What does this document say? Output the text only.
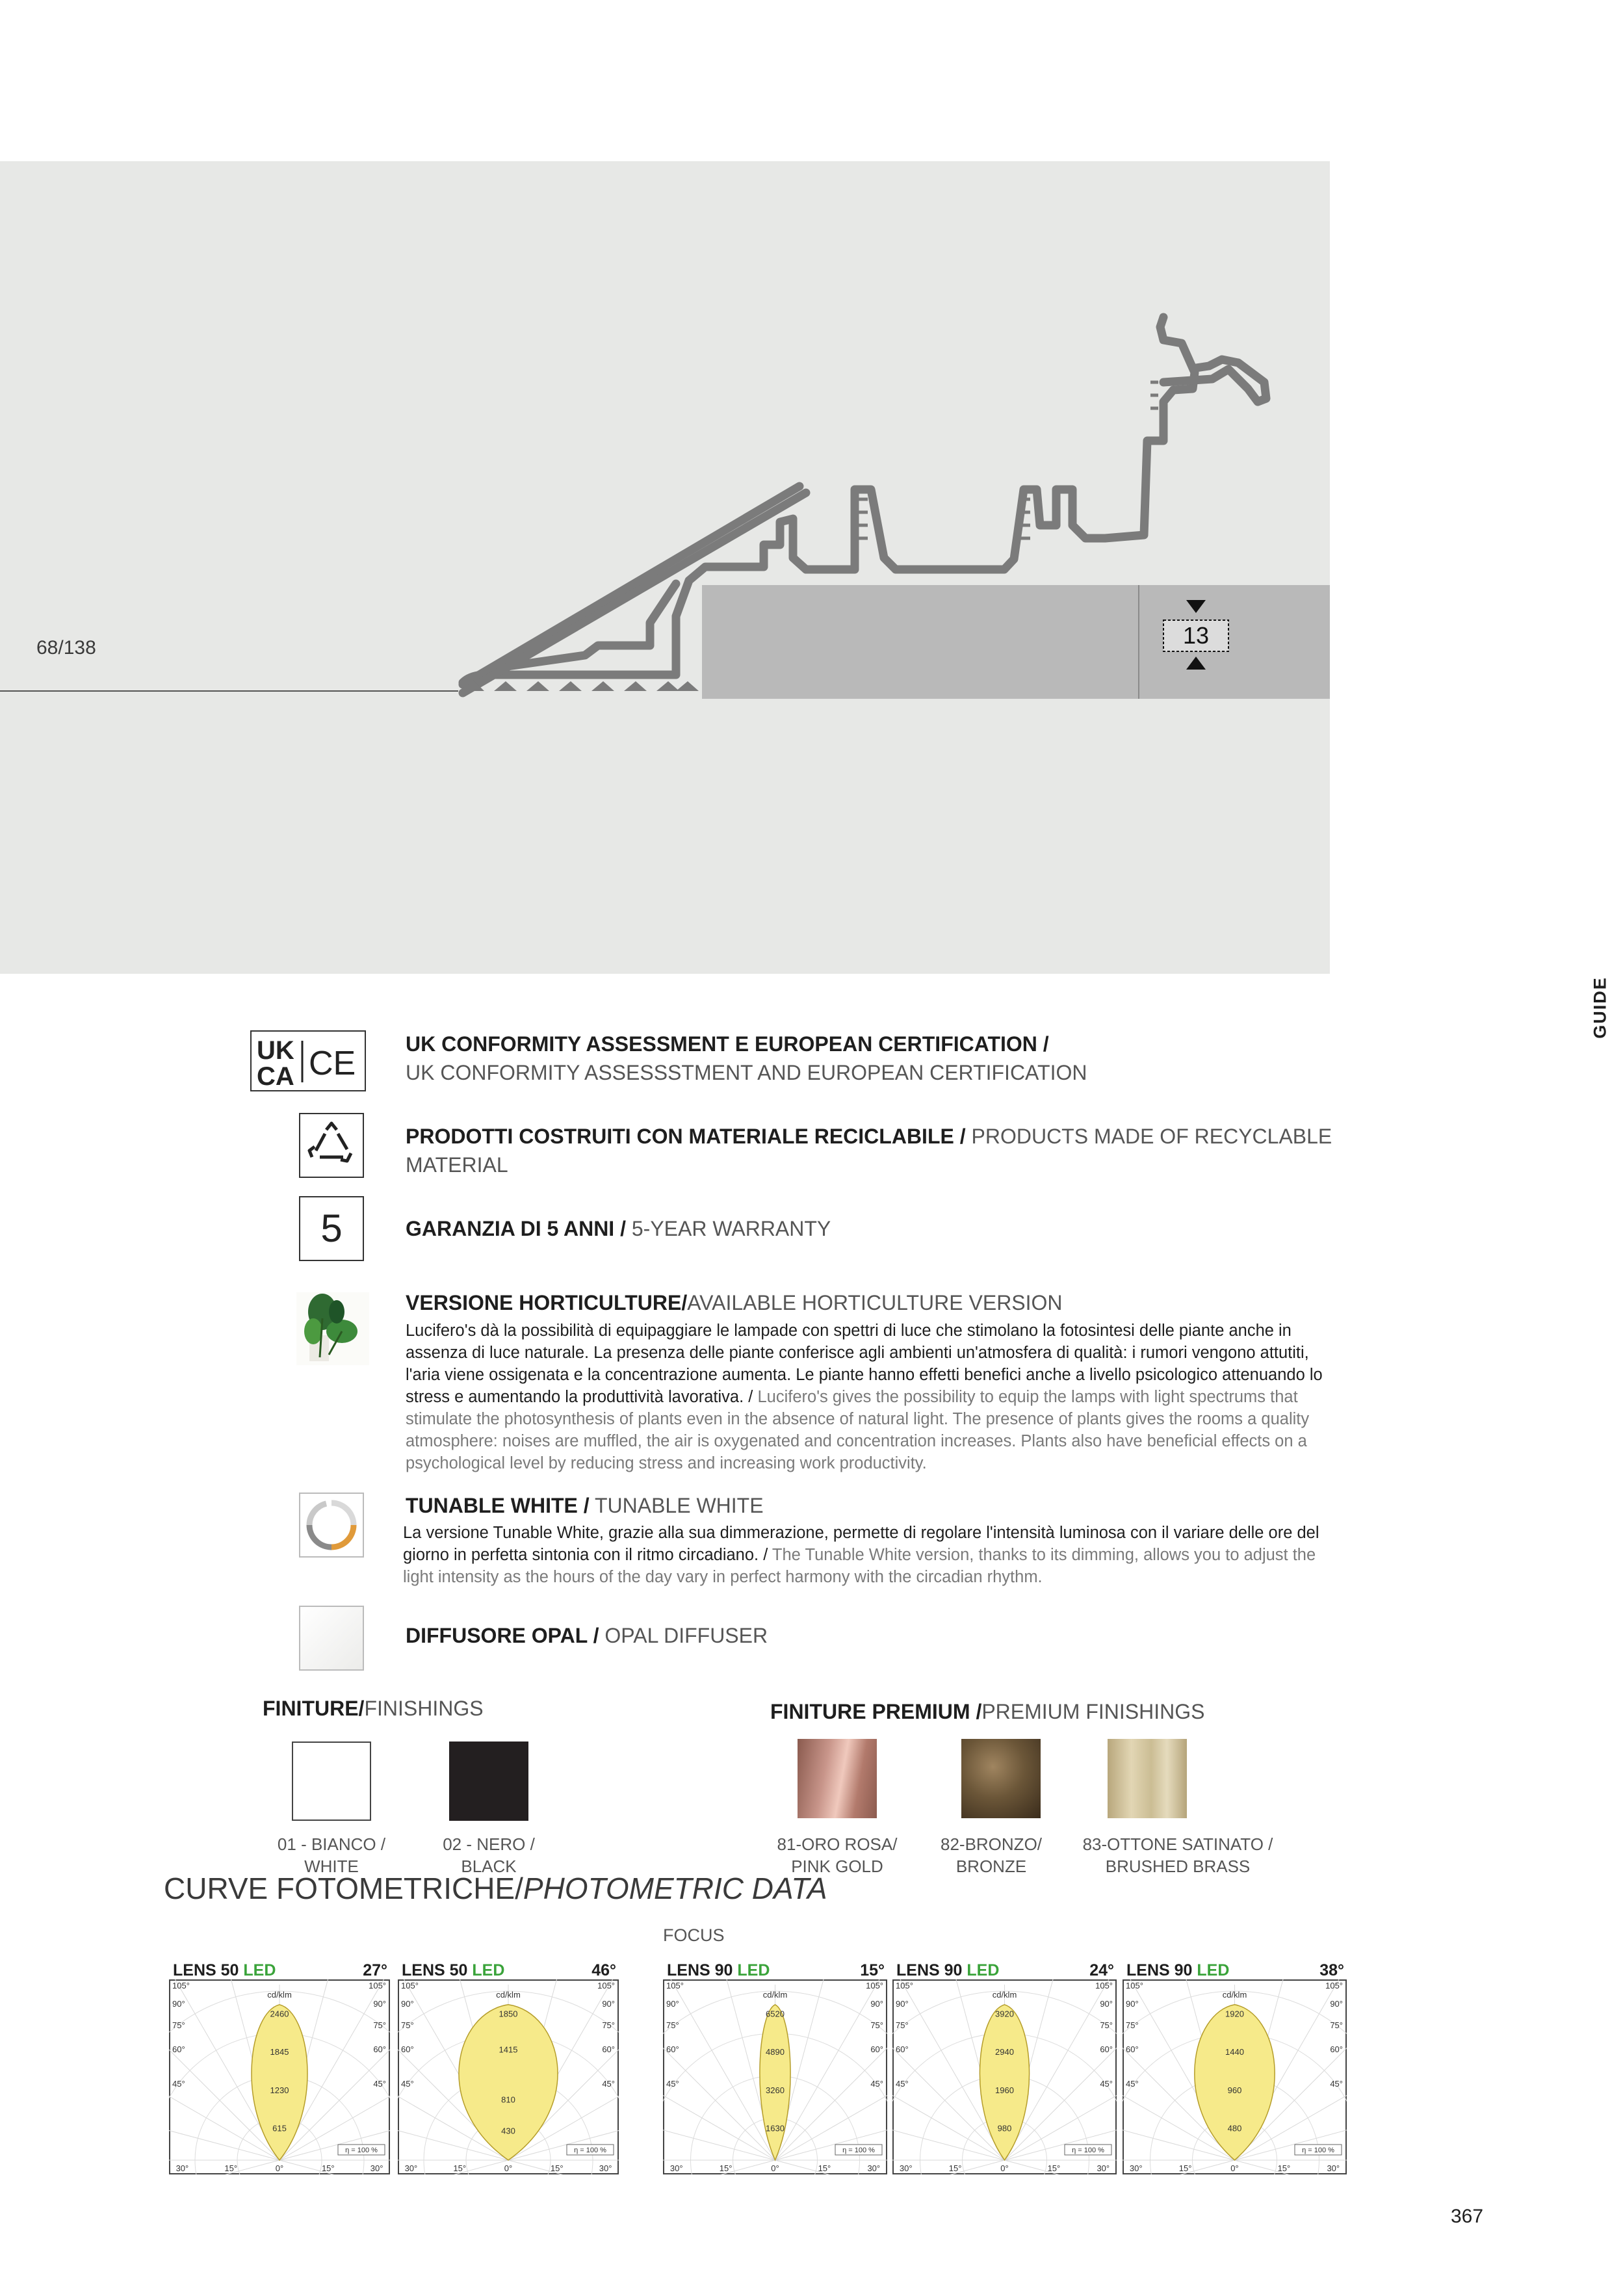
13
68/138
GUIDE
UK
CA CE
UK CONFORMITY ASSESSMENT E EUROPEAN CERTIFICATION /
UK CONFORMITY ASSESSSTMENT AND EUROPEAN CERTIFICATION
PRODOTTI COSTRUITI CON MATERIALE RECICLABILE / PRODUCTS MADE OF RECYCLABLE
MATERIAL
5	GARANZIA DI 5 ANNI / 5-YEAR WARRANTY
VERSIONE HORTICULTURE/AVAILABLE HORTICULTURE VERSION
Lucifero's dà la possibilità di equipaggiare le lampade con spettri di luce che stimolano la fotosintesi delle piante anche in assenza di luce naturale. La presenza delle piante conferisce agli ambienti un'atmosfera di qualità: i rumori vengono attutiti, l'aria viene ossigenata e la concentrazione aumenta. Le piante hanno effetti benefici anche a livello psicologico attenuando lo stress e aumentando la produttività lavorativa. / Lucifero's gives the possibility to equip the lamps with light spectrums that stimulate the photosynthesis of plants even in the absence of natural light. The presence of plants gives the rooms a quality atmosphere: noises are muffled, the air is oxygenated and concentration increases. Plants also have beneficial effects on a psychological level by reducing stress and increasing work productivity.
TUNABLE WHITE / TUNABLE WHITE
La versione Tunable White, grazie alla sua dimmerazione, permette di regolare l'intensità luminosa con il variare delle ore del giorno in perfetta sintonia con il ritmo circadiano. / The Tunable White version, thanks to its dimming, allows you to adjust the light intensity as the hours of the day vary in perfect harmony with the circadian rhythm.
DIFFUSORE OPAL / OPAL DIFFUSER
FINITURE/FINISHINGS	FINITURE PREMIUM /PREMIUM FINISHINGS
01 - BIANCO /
WHITE
02 - NERO /
BLACK
81-ORO ROSA/
PINK GOLD
82-BRONZO/
BRONZE
83-OTTONE SATINATO /
BRUSHED BRASS
CURVE FOTOMETRICHE/PHOTOMETRIC DATA
FOCUS
LENS 50 LED	27°
105°
90°
75°
60°
45°
105°
90°
75°
60°
45°
30°	15°	0°	15°	30°
cd/klm
615
1230
1845
2460
η = 100 %
LENS 50 LED	46°
105°
90°
75°
60°
45°
105°
90°
75°
60°
45°
30°	15°	0°	15°	30°
cd/klm
430
810
1415
1850
η = 100 %
LENS 90 LED	15°
105°
90°
75°
60°
45°
105°
90°
75°
60°
45°
30°	15°	0°	15°	30°
cd/klm
1630
3260
4890
6520
η = 100 %
LENS 90 LED	24°
105°
90°
75°
60°
45°
105°
90°
75°
60°
45°
30°	15°	0°	15°	30°
cd/klm
980
1960
2940
3920
η = 100 %
LENS 90 LED	38°
105°
90°
75°
60°
45°
105°
90°
75°
60°
45°
30°	15°	0°	15°	30°
cd/klm
480
960
1440
1920
η = 100 %
367
